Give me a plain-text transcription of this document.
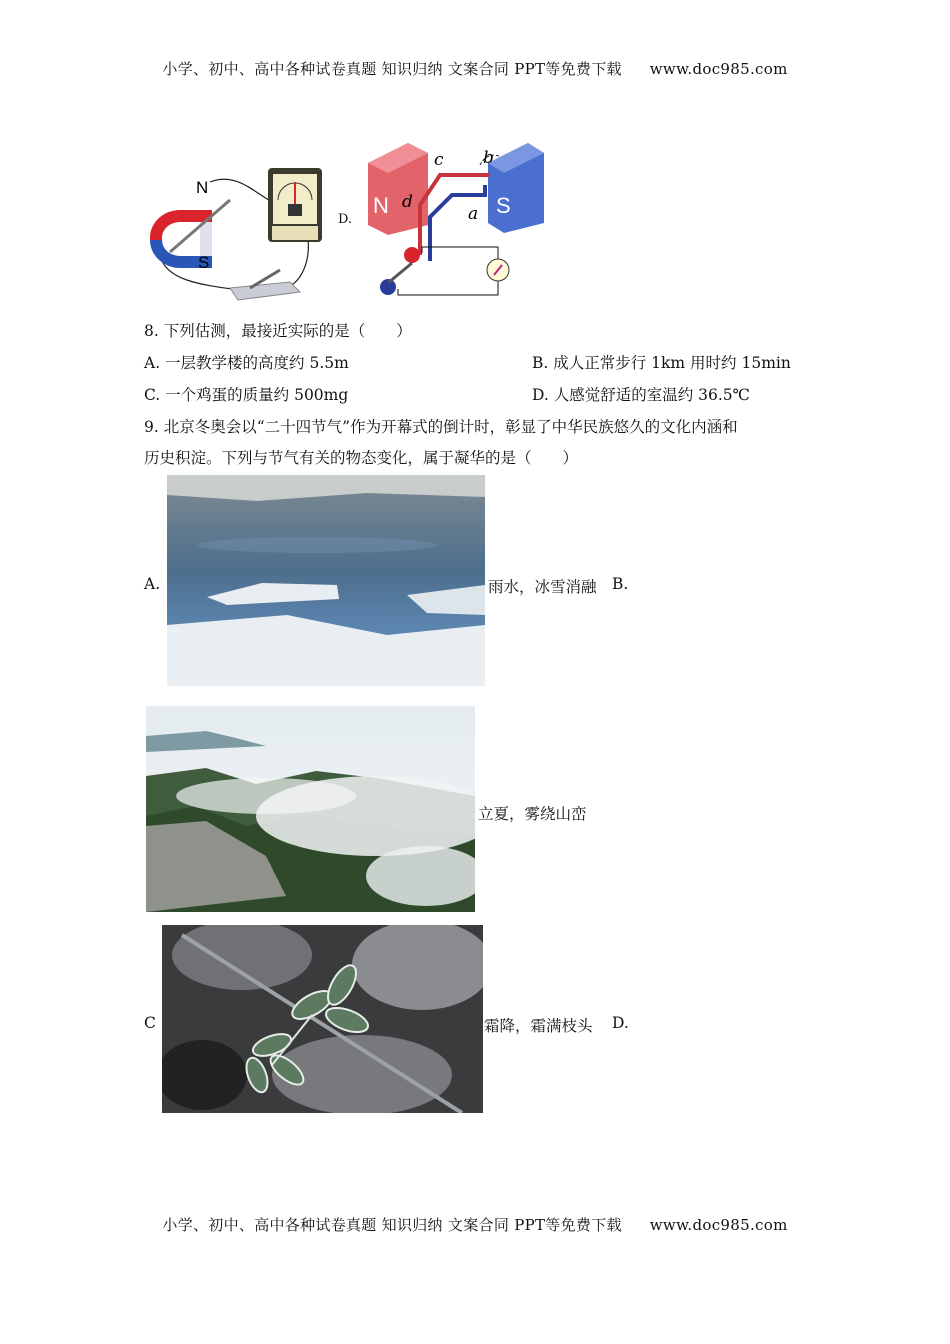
小学、初中、高中各种试卷真题 知识归纳 文案合同 PPT等免费下载 www.doc985.com
N
S
D.
N	S
c b
d
a
8. 下列估测，最接近实际的是（　　）
A. 一层教学楼的高度约 5.5m	B. 成人正常步行 1km 用时约 15min
C. 一个鸡蛋的质量约 500mg	D. 人感觉舒适的室温约 36.5℃
9. 北京冬奥会以“二十四节气”作为开幕式的倒计时，彰显了中华民族悠久的文化内涵和
历史积淀。下列与节气有关的物态变化，属于凝华的是（　　）
A.	雨水，冰雪消融 B.
立夏，雾绕山峦
C	霜降，霜满枝头 D.
小学、初中、高中各种试卷真题 知识归纳 文案合同 PPT等免费下载 www.doc985.com
